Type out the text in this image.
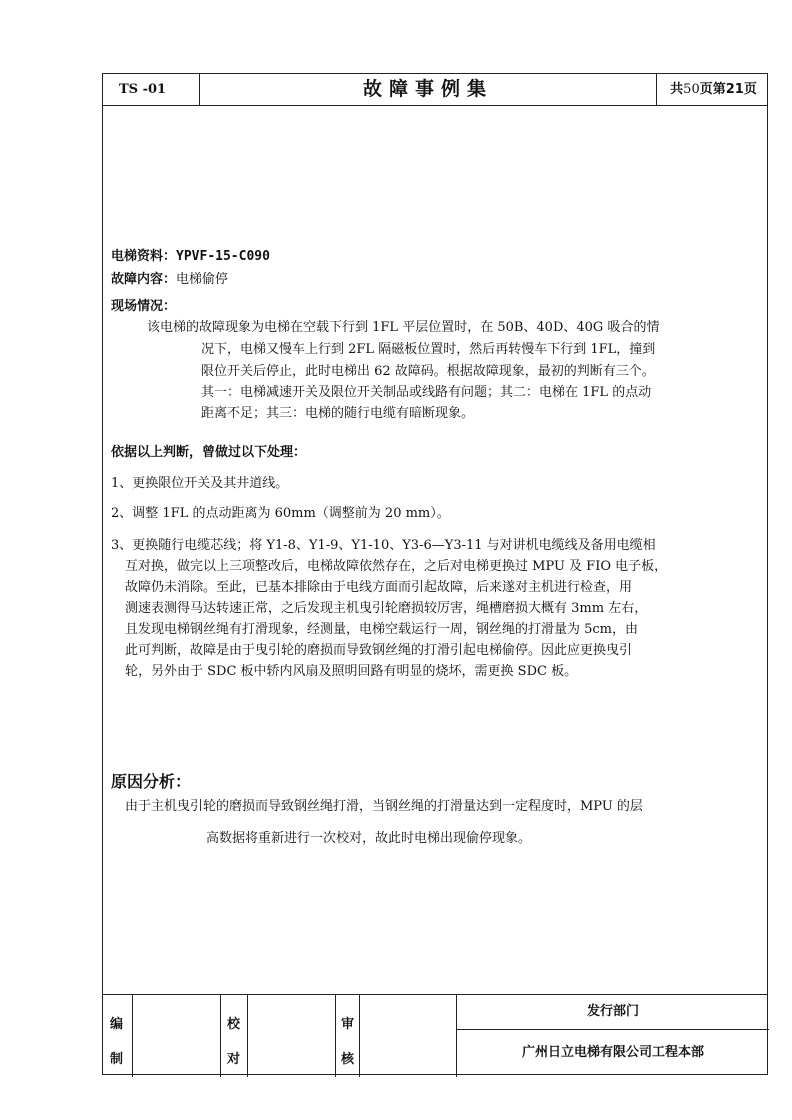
TS -01	故障事例集	共50页第21页
电梯资料：YPVF-15-C090
故障内容：电梯偷停
现场情况：
该电梯的故障现象为电梯在空载下行到 1FL 平层位置时，在 50B、40D、40G 吸合的情
况下，电梯又慢车上行到 2FL 隔磁板位置时，然后再转慢车下行到 1FL，撞到
限位开关后停止，此时电梯出 62 故障码。根据故障现象，最初的判断有三个。
其一：电梯减速开关及限位开关制品或线路有问题；其二：电梯在 1FL 的点动
距离不足；其三：电梯的随行电缆有暗断现象。
依据以上判断，曾做过以下处理：
1、更换限位开关及其井道线。
2、调整 1FL 的点动距离为 60mm（调整前为 20 mm）。
3、更换随行电缆芯线；将 Y1-8、Y1-9、Y1-10、Y3-6—Y3-11 与对讲机电缆线及备用电缆相
互对换，做完以上三项整改后，电梯故障依然存在，之后对电梯更换过 MPU 及 FIO 电子板，
故障仍未消除。至此，已基本排除由于电线方面而引起故障，后来遂对主机进行检查，用
测速表测得马达转速正常，之后发现主机曳引轮磨损较厉害，绳槽磨损大概有 3mm 左右，
且发现电梯钢丝绳有打滑现象，经测量，电梯空载运行一周，钢丝绳的打滑量为 5cm，由
此可判断，故障是由于曳引轮的磨损而导致钢丝绳的打滑引起电梯偷停。因此应更换曳引
轮，另外由于 SDC 板中轿内风扇及照明回路有明显的烧坏，需更换 SDC 板。
原因分析：
由于主机曳引轮的磨损而导致钢丝绳打滑，当钢丝绳的打滑量达到一定程度时，MPU 的层
高数据将重新进行一次校对，故此时电梯出现偷停现象。
发行部门
广州日立电梯有限公司工程本部
编
制
校
对
审
核
